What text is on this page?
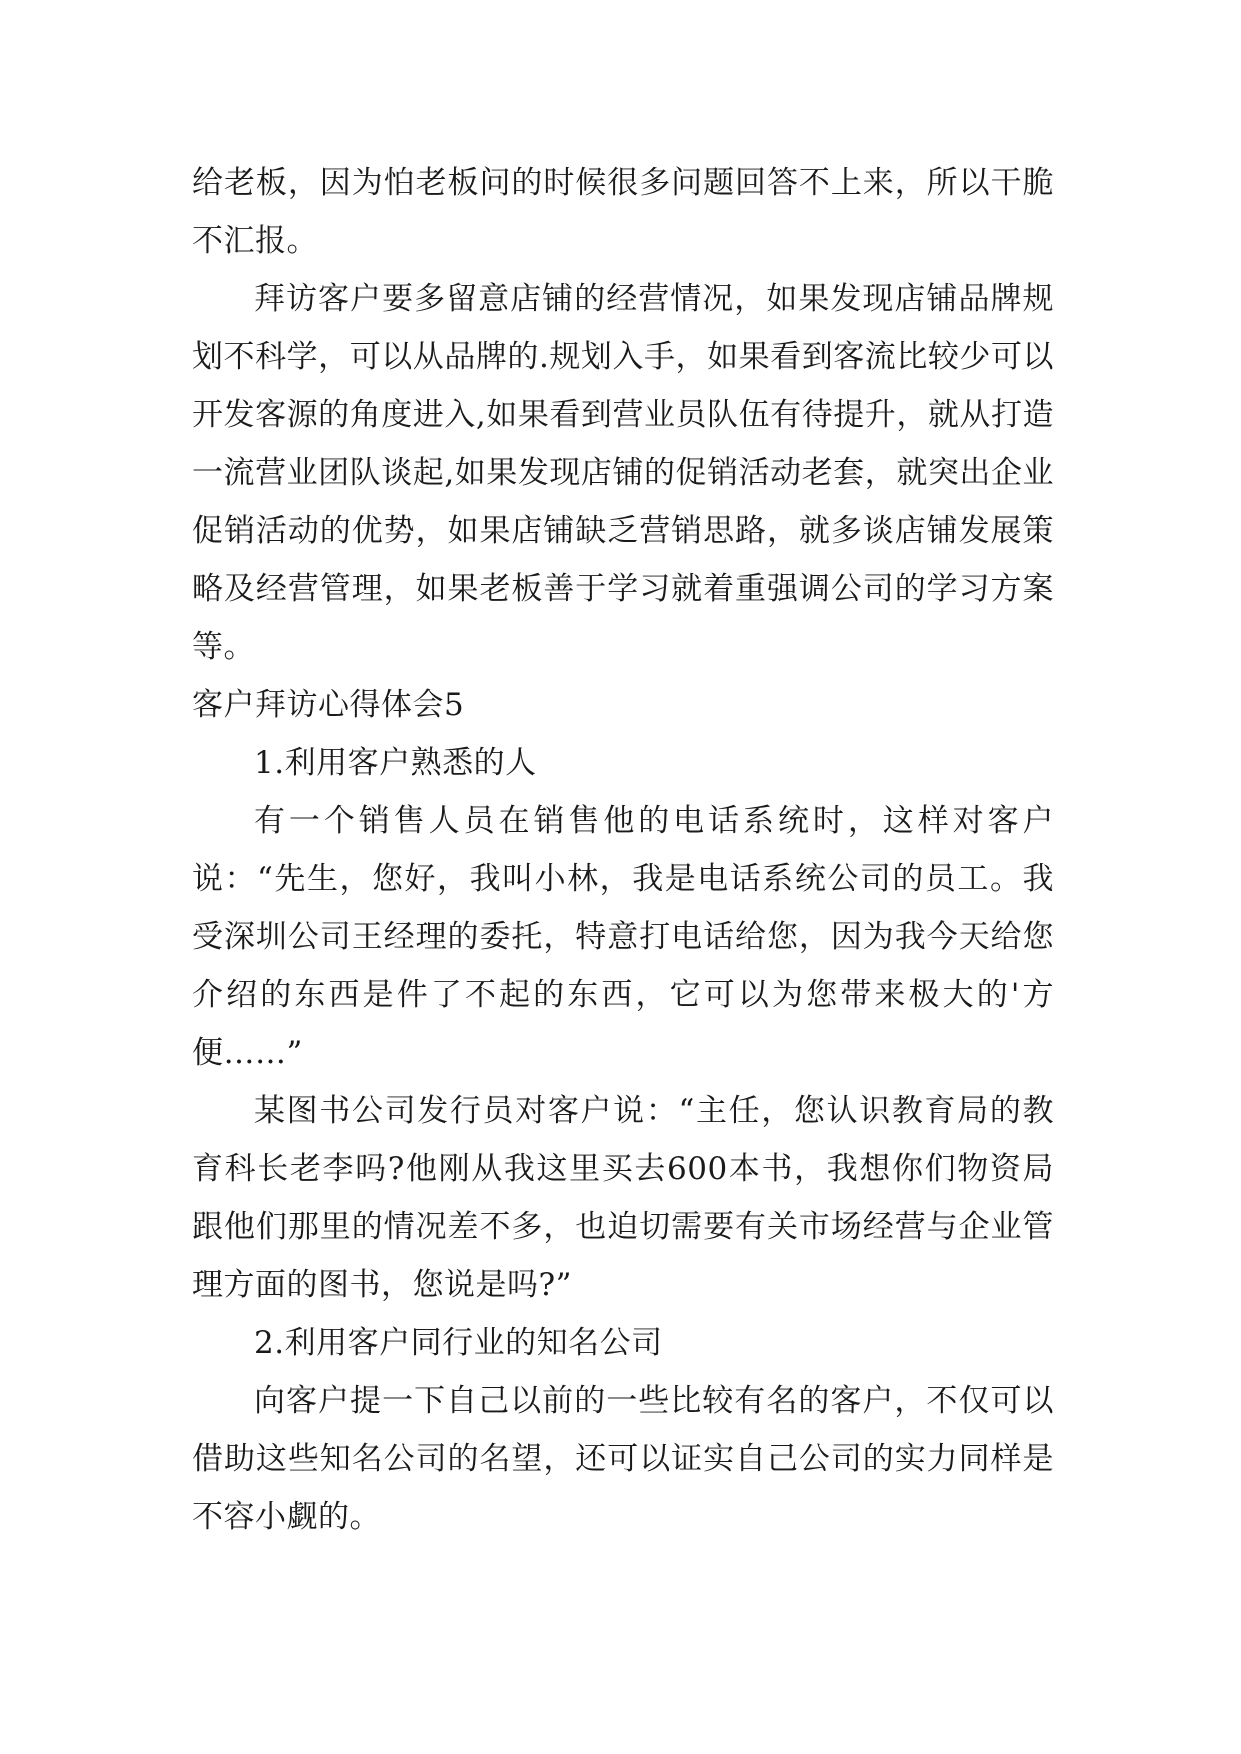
给老板，因为怕老板问的时候很多问题回答不上来，所以干脆不汇报。

拜访客户要多留意店铺的经营情况，如果发现店铺品牌规划不科学，可以从品牌的.规划入手，如果看到客流比较少可以开发客源的角度进入,如果看到营业员队伍有待提升，就从打造一流营业团队谈起,如果发现店铺的促销活动老套，就突出企业促销活动的优势，如果店铺缺乏营销思路，就多谈店铺发展策略及经营管理，如果老板善于学习就着重强调公司的学习方案等。

客户拜访心得体会5

1.利用客户熟悉的人

有一个销售人员在销售他的电话系统时，这样对客户说：“先生，您好，我叫小林，我是电话系统公司的员工。我受深圳公司王经理的委托，特意打电话给您，因为我今天给您介绍的东西是件了不起的东西，它可以为您带来极大的'方便……”

某图书公司发行员对客户说：“主任，您认识教育局的教育科长老李吗?他刚从我这里买去600本书，我想你们物资局跟他们那里的情况差不多，也迫切需要有关市场经营与企业管理方面的图书，您说是吗?”

2.利用客户同行业的知名公司

向客户提一下自己以前的一些比较有名的客户，不仅可以借助这些知名公司的名望，还可以证实自己公司的实力同样是不容小觑的。
